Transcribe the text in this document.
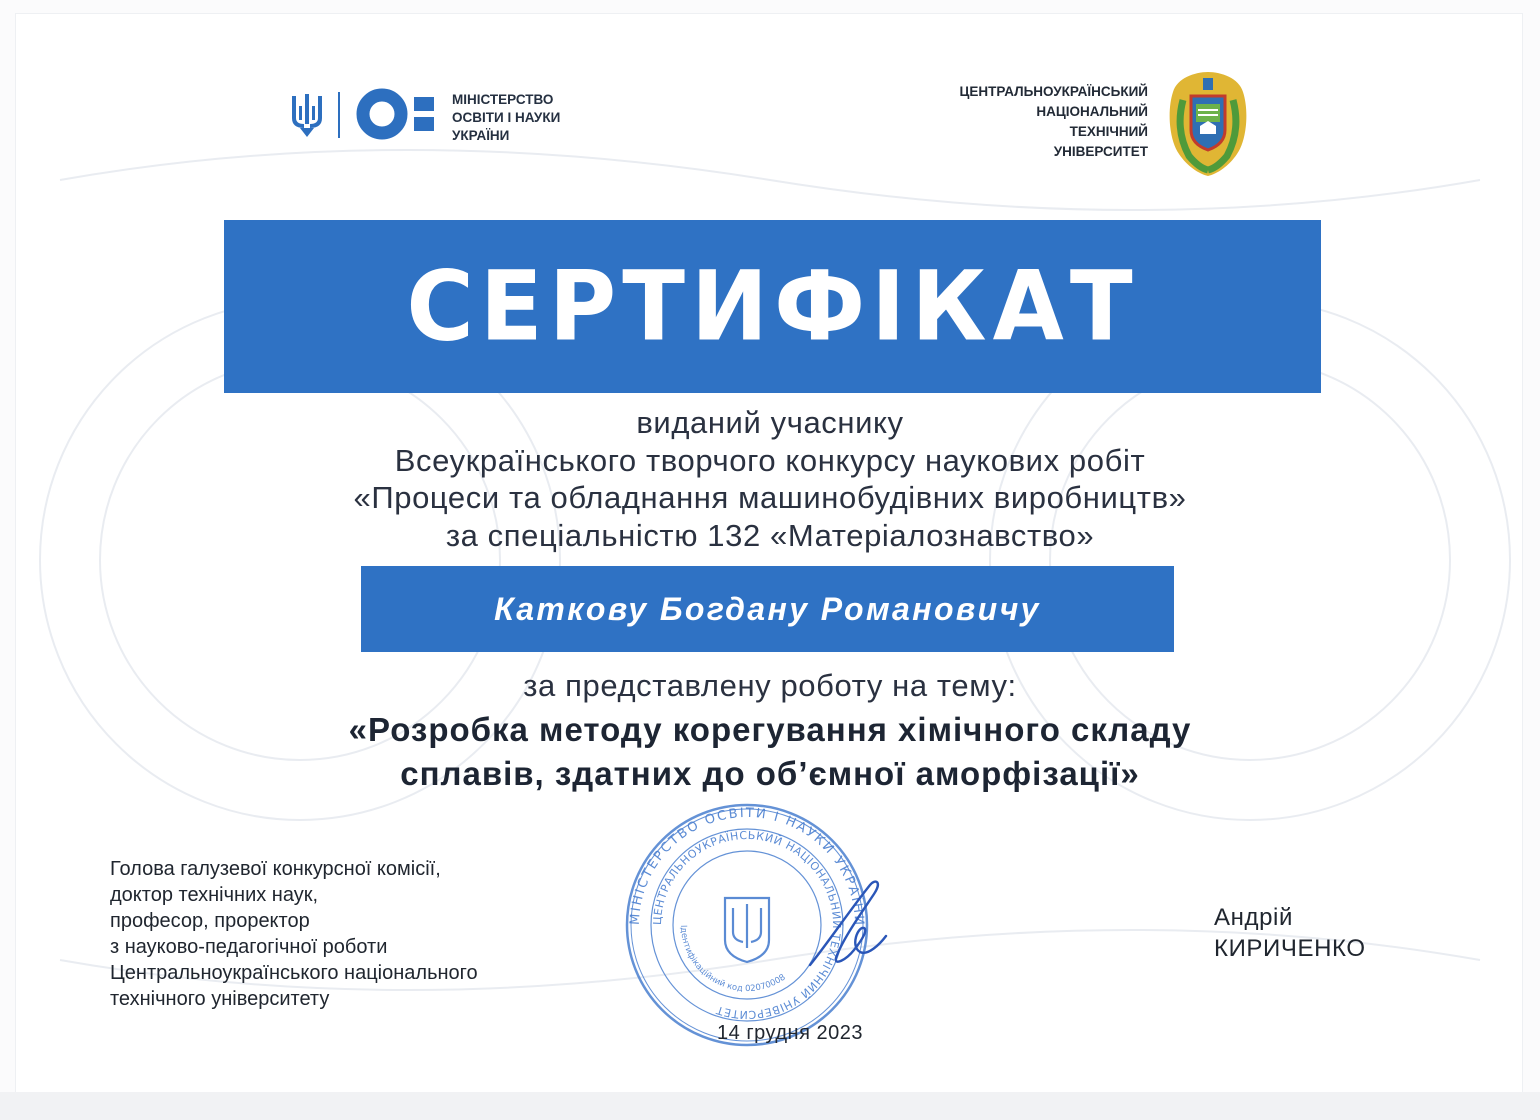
МІНІСТЕРСТВО
ОСВІТИ І НАУКИ
УКРАЇНИ
ЦЕНТРАЛЬНОУКРАЇНСЬКИЙ
НАЦІОНАЛЬНИЙ
ТЕХНІЧНИЙ
УНІВЕРСИТЕТ
СЕРТИФІКАТ
виданий учаснику
Всеукраїнського творчого конкурсу наукових робіт
«Процеси та обладнання машинобудівних виробництв»
за спеціальністю 132 «Матеріалознавство»
Каткову Богдану Романовичу
за представлену роботу на тему:
«Розробка методу корегування хімічного складу
сплавів, здатних до об’ємної аморфізації»
Голова галузевої конкурсної комісії,
доктор технічних наук,
професор, проректор
з науково-педагогічної роботи
Центральноукраїнського національного
технічного університету
МІНІСТЕРСТВО ОСВІТИ І НАУКИ УКРАЇНИ
ЦЕНТРАЛЬНОУКРАЇНСЬКИЙ НАЦІОНАЛЬНИЙ ТЕХНІЧНИЙ УНІВЕРСИТЕТ
Ідентифікаційний код 02070008
14 грудня 2023
Андрій
КИРИЧЕНКО
